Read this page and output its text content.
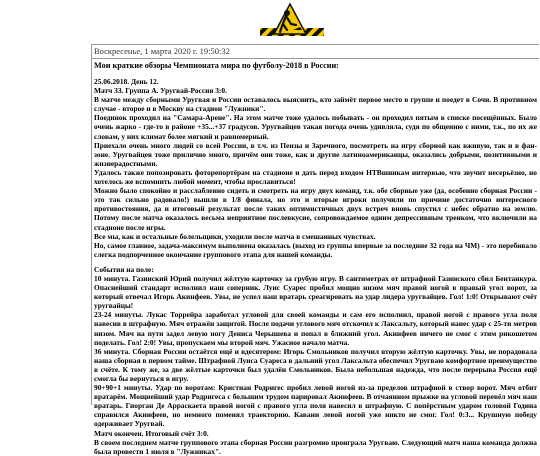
Воскресенье, 1 марта 2020 г. 19:50:32
Мои краткие обзоры Чемпионата мира по футболу-2018 в России:

25.06.2018. День 12.

Матч 33. Группа А. Уругвай-Россия 3:0.

В матче между сборными Уругвая и России оставалось выяснить, кто займёт первое место в группе и поедет в Сочи. В противном случае - второе и в Москву на стадион "Лужники".

Поединок проходил на "Самара-Арене". На этом матче тоже удалось побывать - он проходил пятым в списке посещённых. Было очень жарко - где-то в районе +35...+37 градусов. Уругвайцев такая погода очень удивляла, судя по общению с ними, т.к., по их же словам, у них климат более мягкий и равномерный.

Приехало очень много людей со всей России, в т.ч. из Пензы и Заречного, посмотреть на игру сборной как вживую, так и в фан-зоне. Уругвайцев тоже прилично много, причём они тоже, как и другие латиноамериканцы, оказались добрыми, позитивными и жизнерадостными.

Удалось также попозировать фоторепортёрам на стадионе и дать перед входом НТВшникам интервью, что звучит несерьёзно, но хотелось же вспомнить любой момент, чтобы прославиться!

Можно было спокойно и расслабленно сидеть и смотреть на игру двух команд, т.к. обе сборные уже (да, особенно сборная России - это так сильно радовало!) вышли в 1/8 финала, но это и вторые игроки получили по причине достаточно интересного противостояния, да и итоговый результат после таких оптимистичных двух встреч вновь спустил с небес обратно на землю. Потому после матча оказалось весьма неприятное послевкусие, сопровождаемое одним депрессивным тренком, что включили на стадионе после игры.

Все мы, как и остальные болельщики, уходили после матча в смешанных чувствах.

Но, самое главное, задача-максимум выполнена оказалась (выход из группы впервые за последние 32 года на ЧМ) - это перебивало слегка подпорченное окончание группового этапа для нашей команды.

События на поле:

10 минута. Газинский Юрий получил жёлтую карточку за грубую игру. В сантиметрах от штрафной Газинского сбил Бентанкура. Опаснейший стандарт исполнил наш соперник. Луис Суарес пробил мощно низом мяч правой ногой в правый угол ворот, за который отвечал Игорь Акинфеев. Увы, не успел наш вратарь среагировать на удар лидера уругвайцев. Гол! 1:0! Открывают счёт уругвайцы!

23-24 минуты. Лукас Торрейра заработал угловой для своей команды и сам его исполнил, правой ногой с правого угла поля навесив в штрафную. Мяч отражён защитой. После подачи углового мяч отскочил к Лаксальту, который нанес удар с 25-ти метров низом. Мяч на пути задел левую ногу Дениса Черышева и попал в ближний угол. Акинфеев ничего не смог с этим рикошетом поделать. Гол! 2:0! Увы, пропускаем мы второй мяч. Ужасное начало матча.

36 минута. Сборная России остаётся ещё и вдесятером: Игорь Смольников получил вторую жёлтую карточку. Увы, не порадовала наша сборная в первом тайме. Штрафной Луиса Суареса в дальний угол Лаксальта обеспечил Уругваю комфортное преимущество в счёте. К тому же, за две жёлтые карточки был удалён Смольников. Была небольшая надежда, что после перерыва Россия ещё смогла бы вернуться в игру.

90+90+1 минуты. Удар по воротам: Кристиан Родригес пробил левой ногой из-за пределов штрафной в створ ворот. Мяч отбит вратарём. Мощнейший удар Родригеса с большим трудом парировал Акинфеев. В отчаянном прыжке на угловой перевёл мяч наш вратарь. Гиорган Де Арраскаета правой ногой с правого угла поля навесил в штрафную. С попёрстным ударом головой Година справился Акинфеев, но немного поменял траекторию. Кавани левой ногой уже никто не смог. Гол! 0:3... Крушную победу одерживает Уругвай.

Матч окончен. Итоговый счёт 3:0.

В своем последнем матче группового этапа сборная России разгромно проиграла Уругваю. Следующий матч наша команда должна была провести 1 июля в "Лужниках".
